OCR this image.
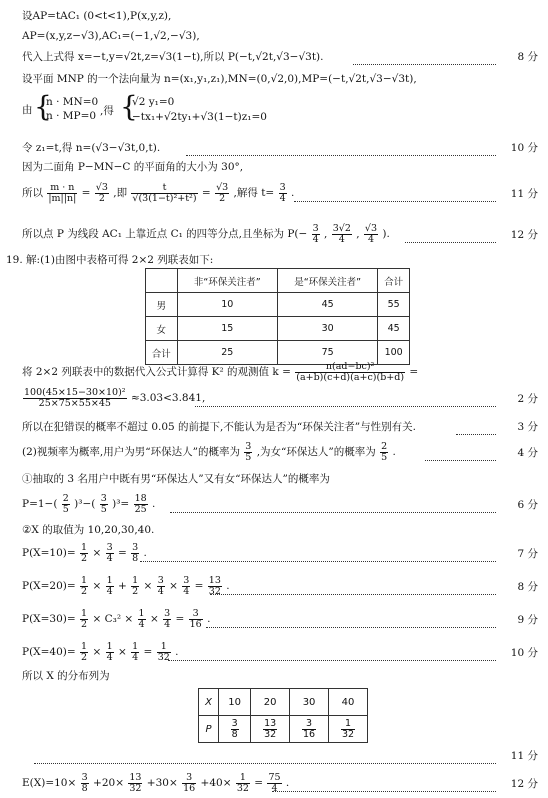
设AP=tAC₁ (0<t<1),P(x,y,z),
AP=(x,y,z−√3),AC₁=(−1,√2,−√3),
代入上式得 x=−t,y=√2t,z=√3(1−t),所以 P(−t,√2t,√3−√3t).	8 分
设平面 MNP 的一个法向量为 n=(x₁,y₁,z₁),MN=(0,√2,0),MP=(−t,√2t,√3−√3t),
由 {
n · MN=0
n · MP=0 ,得 {
√2 y₁=0
−tx₁+√2ty₁+√3(1−t)z₁=0
令 z₁=t,得 n=(√3−√3t,0,t).	10 分
因为二面角 P−MN−C 的平面角的大小为 30°,
所以 $\frac{m \cdot n}{|m||n|} = \frac{√3}{2}$ ,即 $\frac{t}{\text{√(3(1−t)²+t²)}} = \frac{√3}{2}$ ,解得 $t= \frac{3}{4}$ .	11 分
所以点 P 为线段 AC₁ 上靠近点 C₁ 的四等分点,且坐标为 $P(- \frac{3}{4}$ , $\frac{3√2}{4}$ , $\frac{√3}{4}$ ).	12 分
19. 解:(1)由图中表格可得 2×2 列联表如下:
	非“环保关注者”	是“环保关注者”	合计
男	10	45	55
女	15	30	45
合计	25	75	100
将 2×2 列联表中的数据代入公式计算得 K² 的观测值 $k = \frac{\text{n(ad−bc)²}}{(a+b)(c+d)(a+c)(b+d)}$ =
$\frac{\text{100(45×15−30×10)²}}{25\times 75\times 55\times 45} \approx 3.03<3.841$,	2 分
所以在犯错误的概率不超过 0.05 的前提下,不能认为是否为“环保关注者”与性别有关.	3 分
(2)视频率为概率,用户为男“环保达人”的概率为 $\frac{3}{5}$ ,为女“环保达人”的概率为 $\frac{2}{5}$ .	4 分
①抽取的 3 名用户中既有男“环保达人”又有女“环保达人”的概率为
$P=1-( \frac{2}{5} )^3-( \frac{3}{5} )^3= \frac{18}{25}$ .	6 分
②X 的取值为 10,20,30,40.
$P(X=10)= \frac{1}{2} \times \frac{3}{4} = \frac{3}{8}$ .	7 分
$P(X=20)= \frac{1}{2} \times \frac{1}{4} + \frac{1}{2} \times \frac{3}{4} \times \frac{3}{4} = \frac{13}{32}$ .	8 分
$P(X=30)= \frac{1}{2} \times C_3^2 \times \frac{1}{4} \times \frac{3}{4} = \frac{3}{16}$ .	9 分
$P(X=40)= \frac{1}{2} \times \frac{1}{4} \times \frac{1}{4} = \frac{1}{32}$ .	10 分
所以 X 的分布列为
X	10	20	30	40
P	$\frac{3}{8}$	$\frac{13}{32}$	$\frac{3}{16}$	$\frac{1}{32}$
11 分
$E(X)=10\times \frac{3}{8} +20\times \frac{13}{32} +30\times \frac{3}{16} +40\times \frac{1}{32} = \frac{75}{4}$ .	12 分
